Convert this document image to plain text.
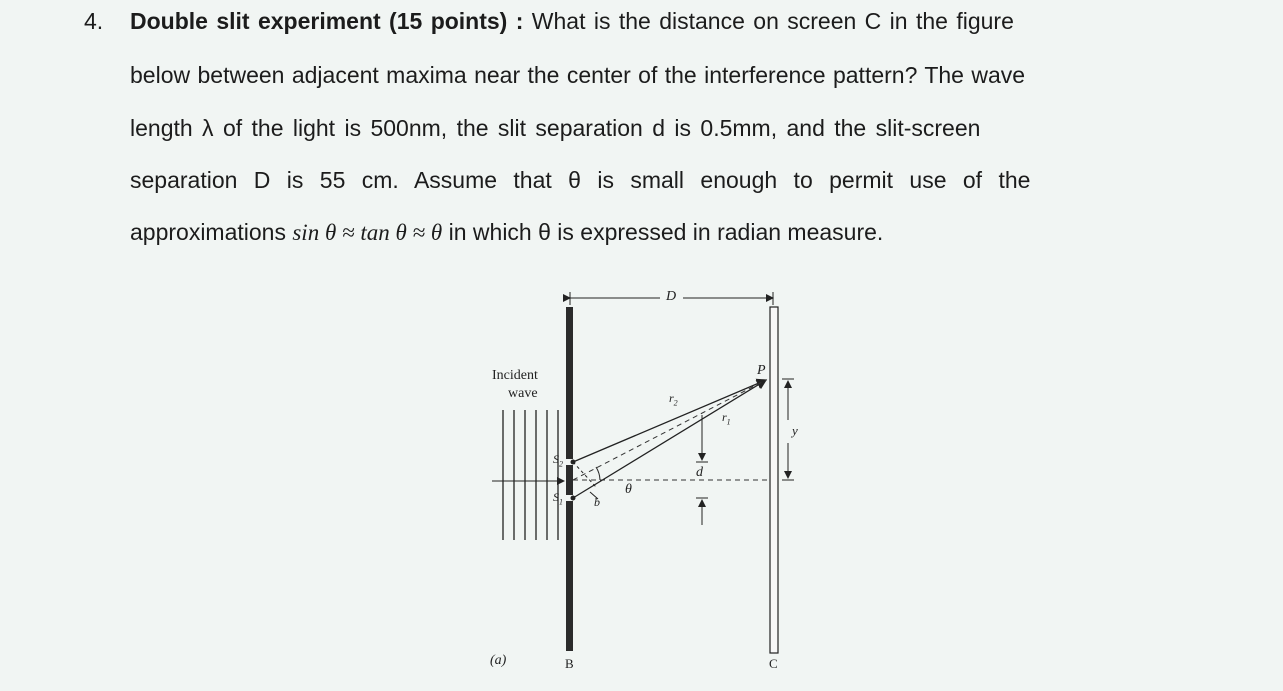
4. Double slit experiment (15 points) : What is the distance on screen C in the figure
below between adjacent maxima near the center of the interference pattern? The wave
length λ of the light is 500nm, the slit separation d is 0.5mm, and the slit-screen
separation D is 55 cm. Assume that θ is small enough to permit use of the
approximations sin θ ≈ tan θ ≈ θ in which θ is expressed in radian measure.
D
P
Incident
wave	$r_2$
$r_1$
y
d
$S_2$
$S_1$	b
θ
(a)	B	C
